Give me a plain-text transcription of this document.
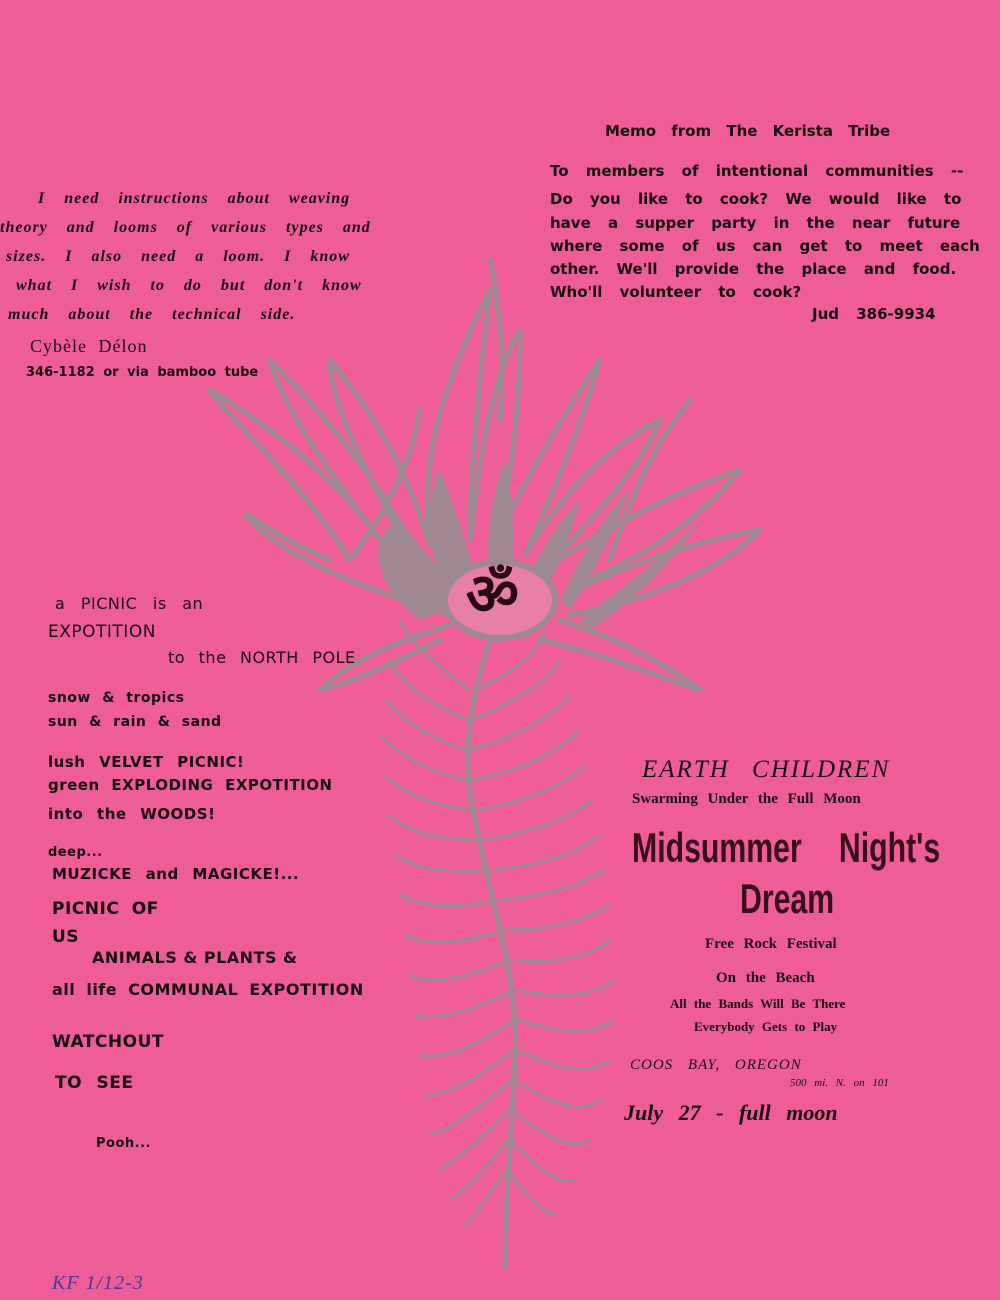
ॐ
I need instructions about weaving
theory and looms of various types and
sizes. I also need a loom. I know
what I wish to do but don't know
much about the technical side.
Cybèle Délon
346-1182 or via bamboo tube
Memo from The Kerista Tribe
To members of intentional communities --
Do you like to cook? We would like to
have a supper party in the near future
where some of us can get to meet each
other. We'll provide the place and food.
Who'll volunteer to cook?
Jud 386-9934
a PICNIC is an
EXPOTITION
to the NORTH POLE
snow & tropics
sun & rain & sand
lush VELVET PICNIC!
green EXPLODING EXPOTITION
into the WOODS!
deep...
MUZICKE and MAGICKE!...
PICNIC OF
US
ANIMALS & PLANTS &
all life COMMUNAL EXPOTITION
WATCHOUT
TO SEE
Pooh...
EARTH CHILDREN
Swarming Under the Full Moon
Midsummer Night's
Dream
Free Rock Festival
On the Beach
All the Bands Will Be There
Everybody Gets to Play
COOS BAY, OREGON
500 mi. N. on 101
July 27 - full moon
KF 1/12-3
